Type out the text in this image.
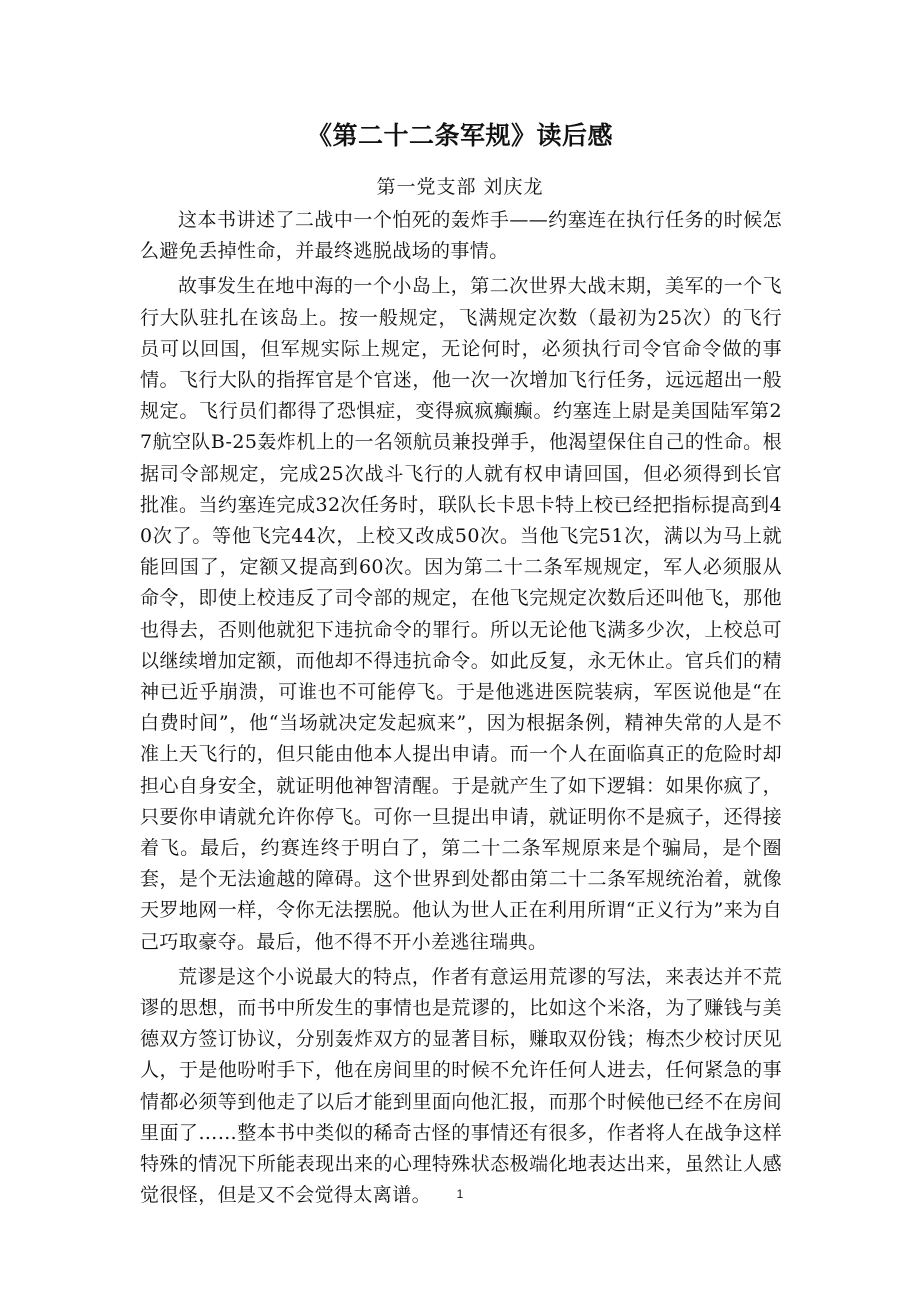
《第二十二条军规》读后感

第一党支部 刘庆龙

这本书讲述了二战中一个怕死的轰炸手——约塞连在执行任务的时候怎么避免丢掉性命，并最终逃脱战场的事情。

故事发生在地中海的一个小岛上，第二次世界大战末期，美军的一个飞行大队驻扎在该岛上。按一般规定，飞满规定次数（最初为25次）的飞行员可以回国，但军规实际上规定，无论何时，必须执行司令官命令做的事情。飞行大队的指挥官是个官迷，他一次一次增加飞行任务，远远超出一般规定。飞行员们都得了恐惧症，变得疯疯癫癫。约塞连上尉是美国陆军第27航空队B-25轰炸机上的一名领航员兼投弹手，他渴望保住自己的性命。根据司令部规定，完成25次战斗飞行的人就有权申请回国，但必须得到长官批准。当约塞连完成32次任务时，联队长卡思卡特上校已经把指标提高到40次了。等他飞完44次，上校又改成50次。当他飞完51次，满以为马上就能回国了，定额又提高到60次。因为第二十二条军规规定，军人必须服从命令，即使上校违反了司令部的规定，在他飞完规定次数后还叫他飞，那他也得去，否则他就犯下违抗命令的罪行。所以无论他飞满多少次，上校总可以继续增加定额，而他却不得违抗命令。如此反复，永无休止。官兵们的精神已近乎崩溃，可谁也不可能停飞。于是他逃进医院装病，军医说他是“在白费时间”，他“当场就决定发起疯来”，因为根据条例，精神失常的人是不准上天飞行的，但只能由他本人提出申请。而一个人在面临真正的危险时却担心自身安全，就证明他神智清醒。于是就产生了如下逻辑：如果你疯了，只要你申请就允许你停飞。可你一旦提出申请，就证明你不是疯子，还得接着飞。最后，约赛连终于明白了，第二十二条军规原来是个骗局，是个圈套，是个无法逾越的障碍。这个世界到处都由第二十二条军规统治着，就像天罗地网一样，令你无法摆脱。他认为世人正在利用所谓“正义行为”来为自己巧取豪夺。最后，他不得不开小差逃往瑞典。

荒谬是这个小说最大的特点，作者有意运用荒谬的写法，来表达并不荒谬的思想，而书中所发生的事情也是荒谬的，比如这个米洛，为了赚钱与美德双方签订协议，分别轰炸双方的显著目标，赚取双份钱；梅杰少校讨厌见人，于是他吩咐手下，他在房间里的时候不允许任何人进去，任何紧急的事情都必须等到他走了以后才能到里面向他汇报，而那个时候他已经不在房间里面了……整本书中类似的稀奇古怪的事情还有很多，作者将人在战争这样特殊的情况下所能表现出来的心理特殊状态极端化地表达出来，虽然让人感觉很怪，但是又不会觉得太离谱。	1
